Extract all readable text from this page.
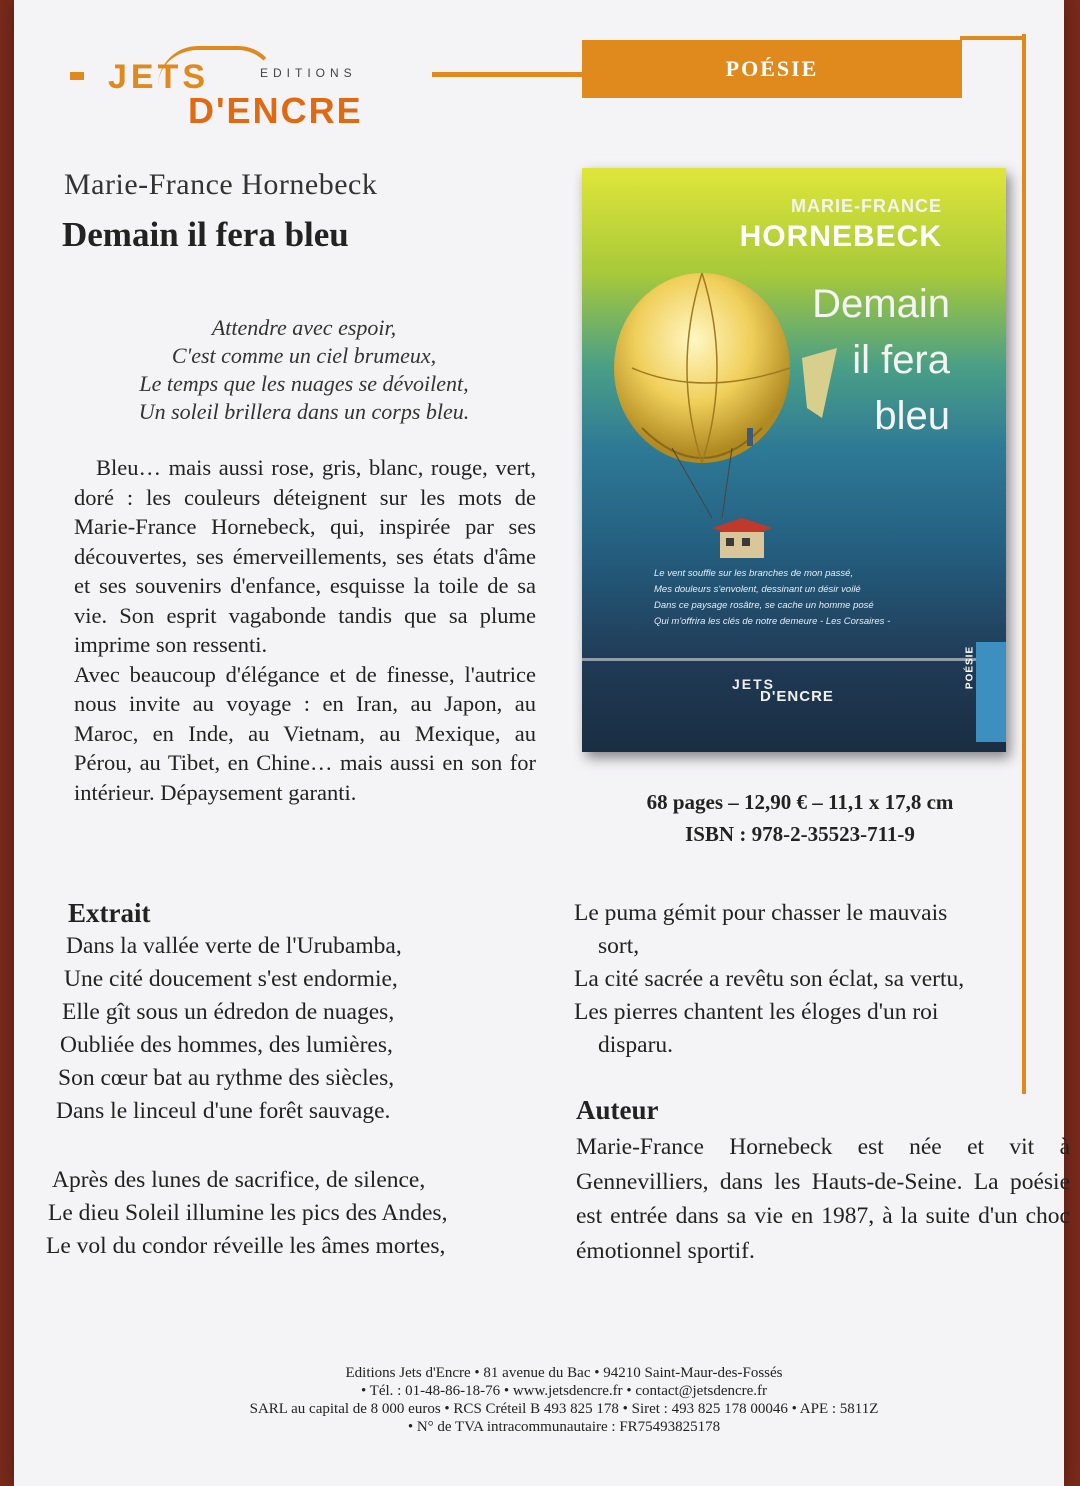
POÉSIE
JETS	EDITIONS
D'ENCRE
Marie-France Hornebeck
Demain il fera bleu
Attendre avec espoir,
C'est comme un ciel brumeux,
Le temps que les nuages se dévoilent,
Un soleil brillera dans un corps bleu.

Bleu… mais aussi rose, gris, blanc, rouge, vert, doré : les couleurs déteignent sur les mots de Marie-France Hornebeck, qui, inspirée par ses découvertes, ses émerveillements, ses états d'âme et ses souvenirs d'enfance, esquisse la toile de sa vie. Son esprit vagabonde tandis que sa plume imprime son ressenti.

Avec beaucoup d'élégance et de finesse, l'autrice nous invite au voyage : en Iran, au Japon, au Maroc, en Inde, au Vietnam, au Mexique, au Pérou, au Tibet, en Chine… mais aussi en son for intérieur. Dépaysement garanti.

MARIE-FRANCE
HORNEBECK
Demain
il fera
bleu
Le vent souffle sur les branches de mon passé,
Mes douleurs s'envolent, dessinant un désir voilé
Dans ce paysage rosâtre, se cache un homme posé
Qui m'offrira les clés de notre demeure - Les Corsaires -
JETS
D'ENCRE
POÉSIE
68 pages – 12,90 € – 11,1 x 17,8 cm
ISBN : 978-2-35523-711-9
Extrait
Dans la vallée verte de l'Urubamba,
Une cité doucement s'est endormie,
Elle gît sous un édredon de nuages,
Oubliée des hommes, des lumières,
Son cœur bat au rythme des siècles,
Dans le linceul d'une forêt sauvage.
Après des lunes de sacrifice, de silence,
Le dieu Soleil illumine les pics des Andes,
Le vol du condor réveille les âmes mortes,
Le puma gémit pour chasser le mauvais
sort,
La cité sacrée a revêtu son éclat, sa vertu,
Les pierres chantent les éloges d'un roi
disparu.
Auteur
Marie-France Hornebeck est née et vit à Gennevilliers, dans les Hauts-de-Seine. La poésie est entrée dans sa vie en 1987, à la suite d'un choc émotionnel sportif.
Editions Jets d'Encre • 81 avenue du Bac • 94210 Saint-Maur-des-Fossés
• Tél. : 01-48-86-18-76 • www.jetsdencre.fr • contact@jetsdencre.fr
SARL au capital de 8 000 euros • RCS Créteil B 493 825 178 • Siret : 493 825 178 00046 • APE : 5811Z
• N° de TVA intracommunautaire : FR75493825178
